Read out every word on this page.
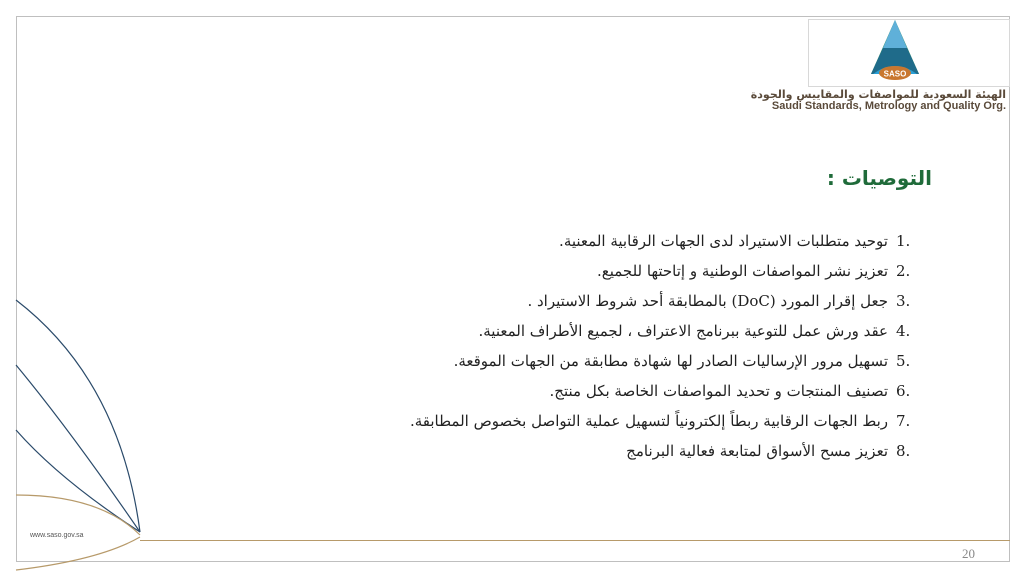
SASO
الهيئة السعودية للمواصفات والمقاييس والجودة
Saudi Standards, Metrology and Quality Org.
التوصيات :
1.
توحيد متطلبات الاستيراد لدى الجهات الرقابية المعنية.
2.
تعزيز نشر المواصفات الوطنية و إتاحتها للجميع.
3.
جعل إقرار المورد (DoC) بالمطابقة أحد شروط الاستيراد .
4.
عقد ورش عمل للتوعية ببرنامج الاعتراف ، لجميع الأطراف المعنية.
5.
تسهيل مرور الإرساليات الصادر لها شهادة مطابقة من الجهات الموقعة.
6.
تصنيف المنتجات و تحديد المواصفات الخاصة بكل منتج.
7.
ربط الجهات الرقابية ربطاً إلكترونياً لتسهيل عملية التواصل بخصوص المطابقة.
8.
تعزيز مسح الأسواق لمتابعة فعالية البرنامج
www.saso.gov.sa
20
